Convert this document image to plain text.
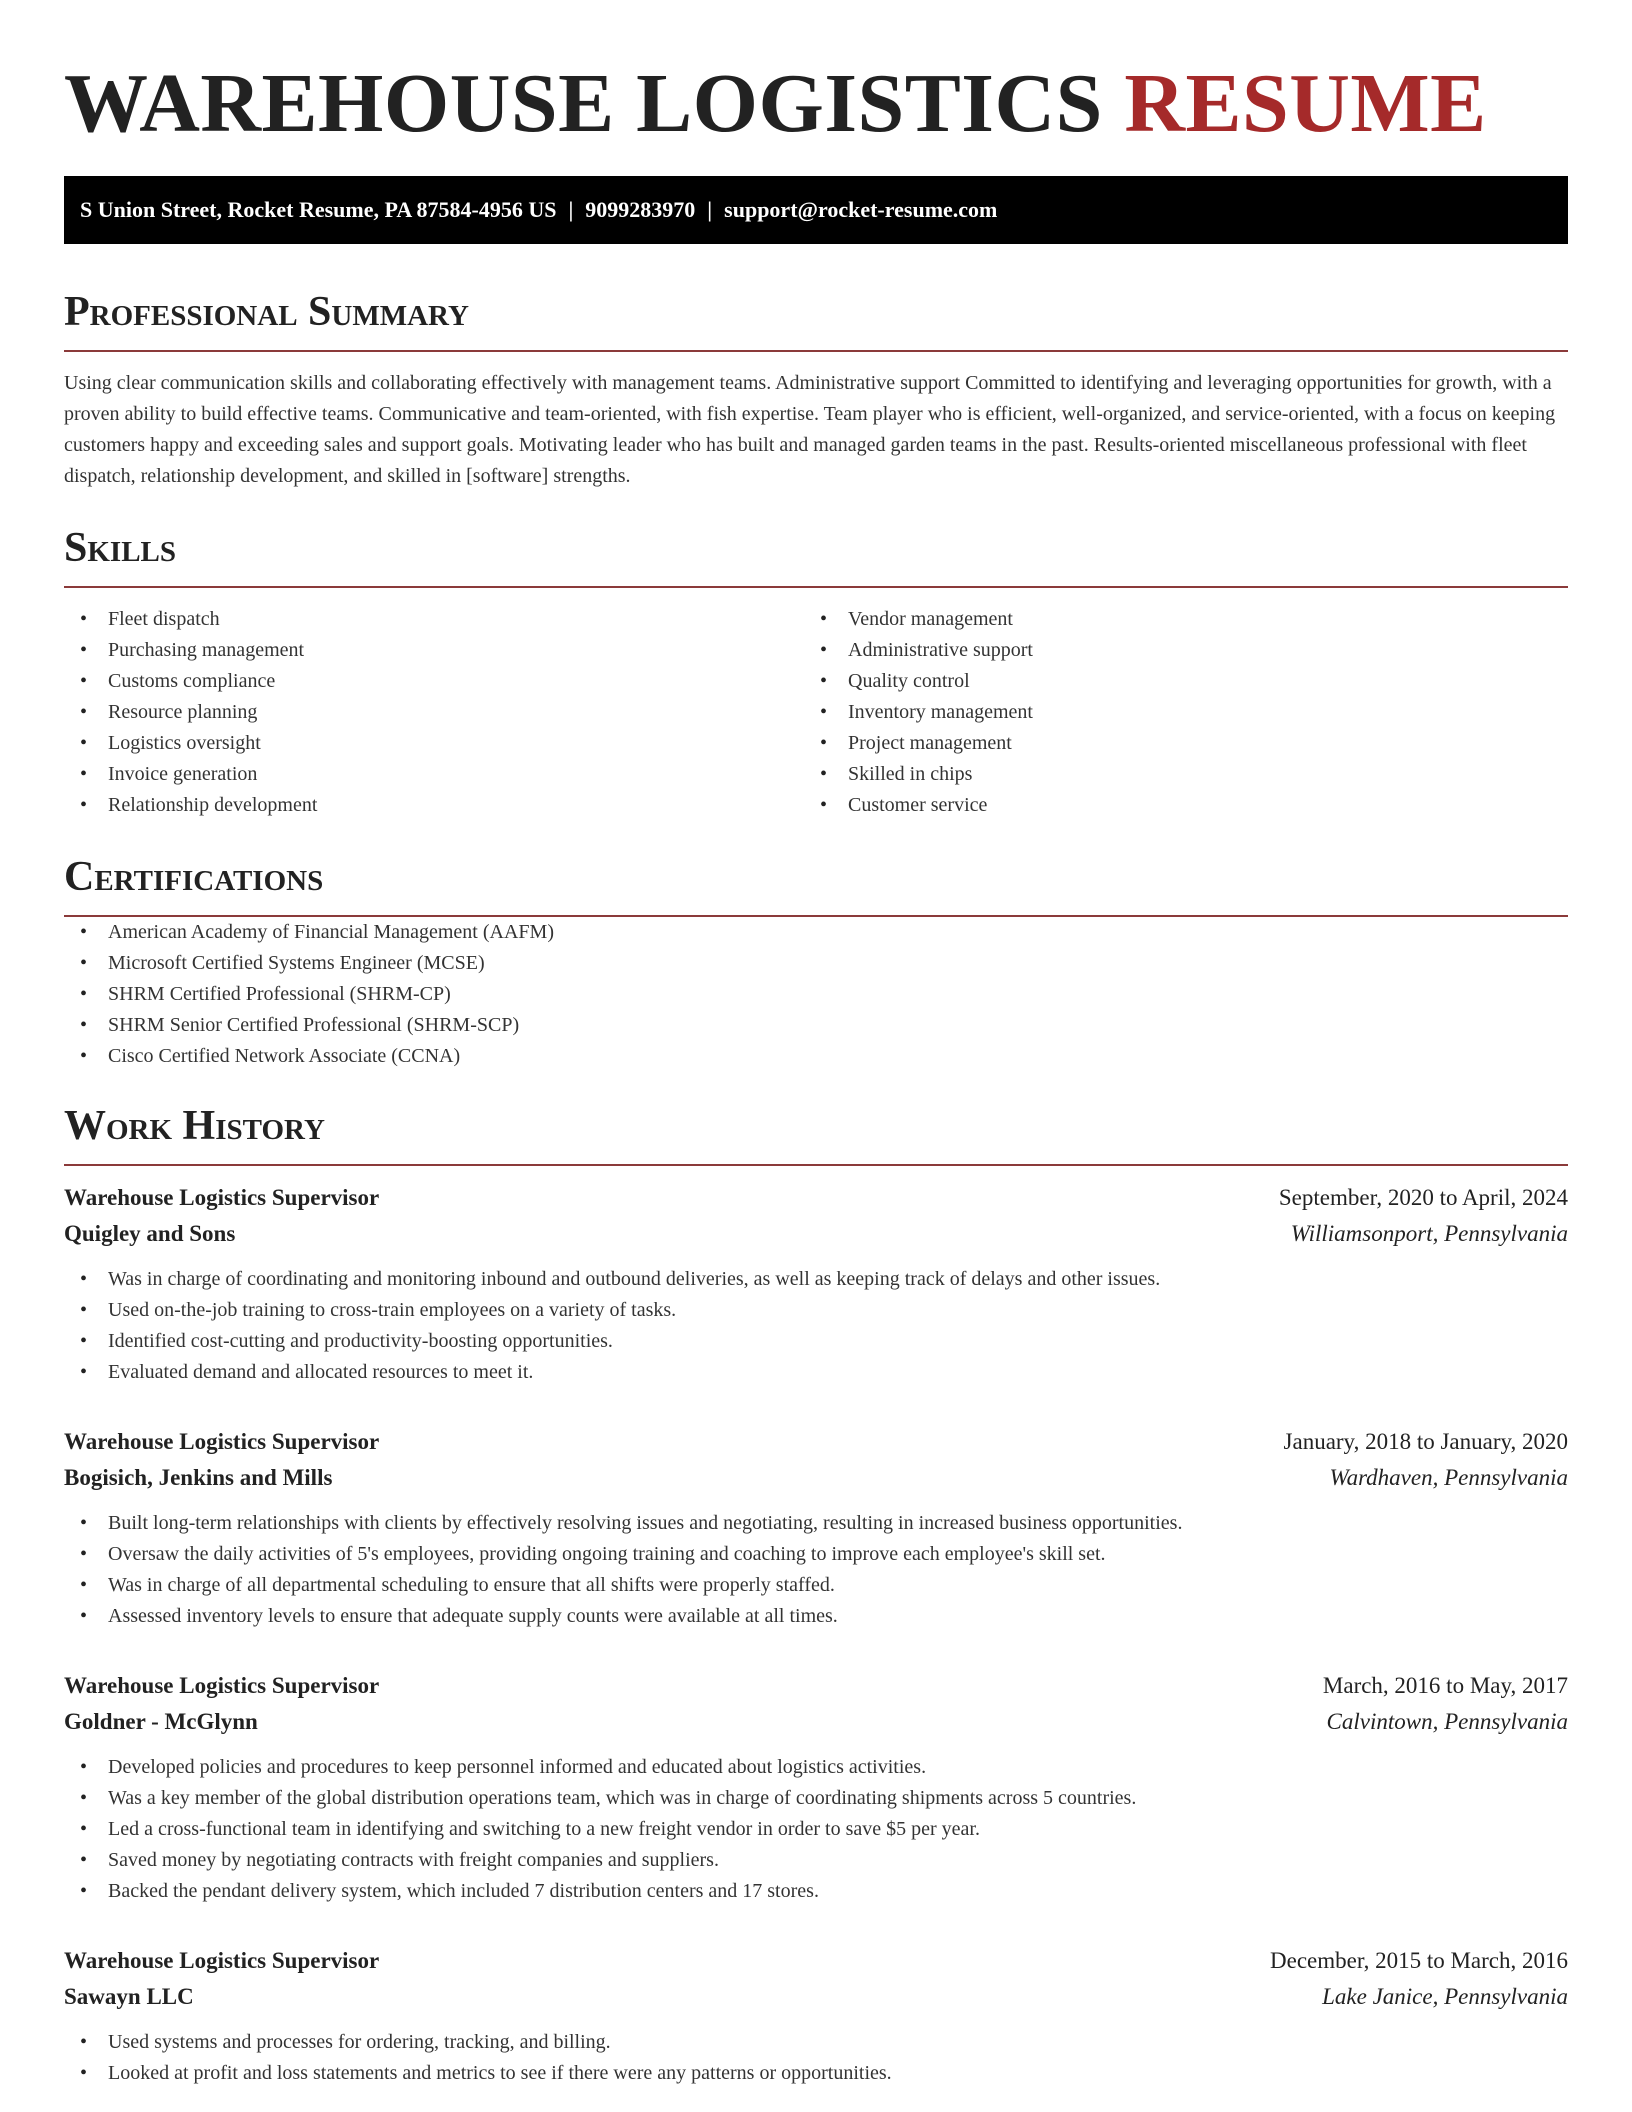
WAREHOUSE LOGISTICS RESUME
S Union Street, Rocket Resume, PA 87584-4956 US | 9099283970 | support@rocket-resume.com
Professional Summary

Using clear communication skills and collaborating effectively with management teams. Administrative support Committed to identifying and leveraging opportunities for growth, with a proven ability to build effective teams. Communicative and team-oriented, with fish expertise. Team player who is efficient, well-organized, and service-oriented, with a focus on keeping customers happy and exceeding sales and support goals. Motivating leader who has built and managed garden teams in the past. Results-oriented miscellaneous professional with fleet dispatch, relationship development, and skilled in [software] strengths.

Skills
• Fleet dispatch
• Purchasing management
• Customs compliance
• Resource planning
• Logistics oversight
• Invoice generation
• Relationship development
• Vendor management
• Administrative support
• Quality control
• Inventory management
• Project management
• Skilled in chips
• Customer service
Certifications
• American Academy of Financial Management (AAFM)
• Microsoft Certified Systems Engineer (MCSE)
• SHRM Certified Professional (SHRM-CP)
• SHRM Senior Certified Professional (SHRM-SCP)
• Cisco Certified Network Associate (CCNA)
Work History
Warehouse Logistics Supervisor	September, 2020 to April, 2024
Quigley and Sons	Williamsonport, Pennsylvania
• Was in charge of coordinating and monitoring inbound and outbound deliveries, as well as keeping track of delays and other issues.
• Used on-the-job training to cross-train employees on a variety of tasks.
• Identified cost-cutting and productivity-boosting opportunities.
• Evaluated demand and allocated resources to meet it.
Warehouse Logistics Supervisor	January, 2018 to January, 2020
Bogisich, Jenkins and Mills	Wardhaven, Pennsylvania
• Built long-term relationships with clients by effectively resolving issues and negotiating, resulting in increased business opportunities.
• Oversaw the daily activities of 5's employees, providing ongoing training and coaching to improve each employee's skill set.
• Was in charge of all departmental scheduling to ensure that all shifts were properly staffed.
• Assessed inventory levels to ensure that adequate supply counts were available at all times.
Warehouse Logistics Supervisor	March, 2016 to May, 2017
Goldner - McGlynn	Calvintown, Pennsylvania
• Developed policies and procedures to keep personnel informed and educated about logistics activities.
• Was a key member of the global distribution operations team, which was in charge of coordinating shipments across 5 countries.
• Led a cross-functional team in identifying and switching to a new freight vendor in order to save $5 per year.
• Saved money by negotiating contracts with freight companies and suppliers.
• Backed the pendant delivery system, which included 7 distribution centers and 17 stores.
Warehouse Logistics Supervisor	December, 2015 to March, 2016
Sawayn LLC	Lake Janice, Pennsylvania
• Used systems and processes for ordering, tracking, and billing.
• Looked at profit and loss statements and metrics to see if there were any patterns or opportunities.
